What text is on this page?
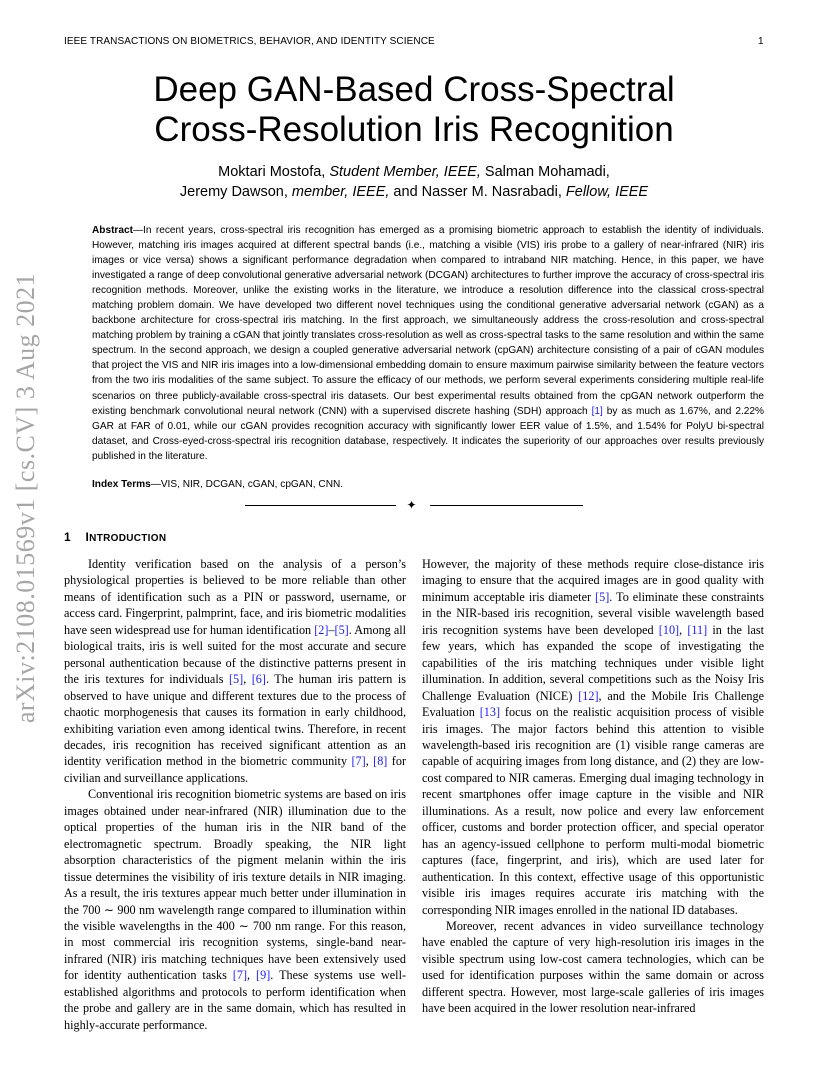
IEEE TRANSACTIONS ON BIOMETRICS, BEHAVIOR, AND IDENTITY SCIENCE	1
arXiv:2108.01569v1 [cs.CV] 3 Aug 2021
Deep GAN-Based Cross-Spectral
Cross-Resolution Iris Recognition
Moktari Mostofa, Student Member, IEEE, Salman Mohamadi,
Jeremy Dawson, member, IEEE, and Nasser M. Nasrabadi, Fellow, IEEE

Abstract—In recent years, cross-spectral iris recognition has emerged as a promising biometric approach to establish the identity of individuals. However, matching iris images acquired at different spectral bands (i.e., matching a visible (VIS) iris probe to a gallery of near-infrared (NIR) iris images or vice versa) shows a significant performance degradation when compared to intraband NIR matching. Hence, in this paper, we have investigated a range of deep convolutional generative adversarial network (DCGAN) architectures to further improve the accuracy of cross-spectral iris recognition methods. Moreover, unlike the existing works in the literature, we introduce a resolution difference into the classical cross-spectral matching problem domain. We have developed two different novel techniques using the conditional generative adversarial network (cGAN) as a backbone architecture for cross-spectral iris matching. In the first approach, we simultaneously address the cross-resolution and cross-spectral matching problem by training a cGAN that jointly translates cross-resolution as well as cross-spectral tasks to the same resolution and within the same spectrum. In the second approach, we design a coupled generative adversarial network (cpGAN) architecture consisting of a pair of cGAN modules that project the VIS and NIR iris images into a low-dimensional embedding domain to ensure maximum pairwise similarity between the feature vectors from the two iris modalities of the same subject. To assure the efficacy of our methods, we perform several experiments considering multiple real-life scenarios on three publicly-available cross-spectral iris datasets. Our best experimental results obtained from the cpGAN network outperform the existing benchmark convolutional neural network (CNN) with a supervised discrete hashing (SDH) approach [1] by as much as 1.67%, and 2.22% GAR at FAR of 0.01, while our cGAN provides recognition accuracy with significantly lower EER value of 1.5%, and 1.54% for PolyU bi-spectral dataset, and Cross-eyed-cross-spectral iris recognition database, respectively. It indicates the superiority of our approaches over results previously published in the literature.

Index Terms—VIS, NIR, DCGAN, cGAN, cpGAN, CNN.
✦
1 INTRODUCTION

Identity verification based on the analysis of a person’s physiological properties is believed to be more reliable than other means of identification such as a PIN or password, username, or access card. Fingerprint, palmprint, face, and iris biometric modalities have seen widespread use for human identification [2]–[5]. Among all biological traits, iris is well suited for the most accurate and secure personal authentication because of the distinctive patterns present in the iris textures for individuals [5], [6]. The human iris pattern is observed to have unique and different textures due to the process of chaotic morphogenesis that causes its formation in early childhood, exhibiting variation even among identical twins. Therefore, in recent decades, iris recognition has received significant attention as an identity verification method in the biometric community [7], [8] for civilian and surveillance applications.

Conventional iris recognition biometric systems are based on iris images obtained under near-infrared (NIR) illumination due to the optical properties of the human iris in the NIR band of the electromagnetic spectrum. Broadly speaking, the NIR light absorption characteristics of the pigment melanin within the iris tissue determines the visibility of iris texture details in NIR imaging. As a result, the iris textures appear much better under illumination in the 700 ∼ 900 nm wavelength range compared to illumination within the visible wavelengths in the 400 ∼ 700 nm range. For this reason, in most commercial iris recognition systems, single-band near-infrared (NIR) iris matching techniques have been extensively used for identity authentication tasks [7], [9]. These systems use well-established algorithms and protocols to perform identification when the probe and gallery are in the same domain, which has resulted in highly-accurate performance.

However, the majority of these methods require close-distance iris imaging to ensure that the acquired images are in good quality with minimum acceptable iris diameter [5]. To eliminate these constraints in the NIR-based iris recognition, several visible wavelength based iris recognition systems have been developed [10], [11] in the last few years, which has expanded the scope of investigating the capabilities of the iris matching techniques under visible light illumination. In addition, several competitions such as the Noisy Iris Challenge Evaluation (NICE) [12], and the Mobile Iris Challenge Evaluation [13] focus on the realistic acquisition process of visible iris images. The major factors behind this attention to visible wavelength-based iris recognition are (1) visible range cameras are capable of acquiring images from long distance, and (2) they are low-cost compared to NIR cameras. Emerging dual imaging technology in recent smartphones offer image capture in the visible and NIR illuminations. As a result, now police and every law enforcement officer, customs and border protection officer, and special operator has an agency-issued cellphone to perform multi-modal biometric captures (face, fingerprint, and iris), which are used later for authentication. In this context, effective usage of this opportunistic visible iris images requires accurate iris matching with the corresponding NIR images enrolled in the national ID databases.

Moreover, recent advances in video surveillance technology have enabled the capture of very high-resolution iris images in the visible spectrum using low-cost camera technologies, which can be used for identification purposes within the same domain or across different spectra. However, most large-scale galleries of iris images have been acquired in the lower resolution near-infrared
